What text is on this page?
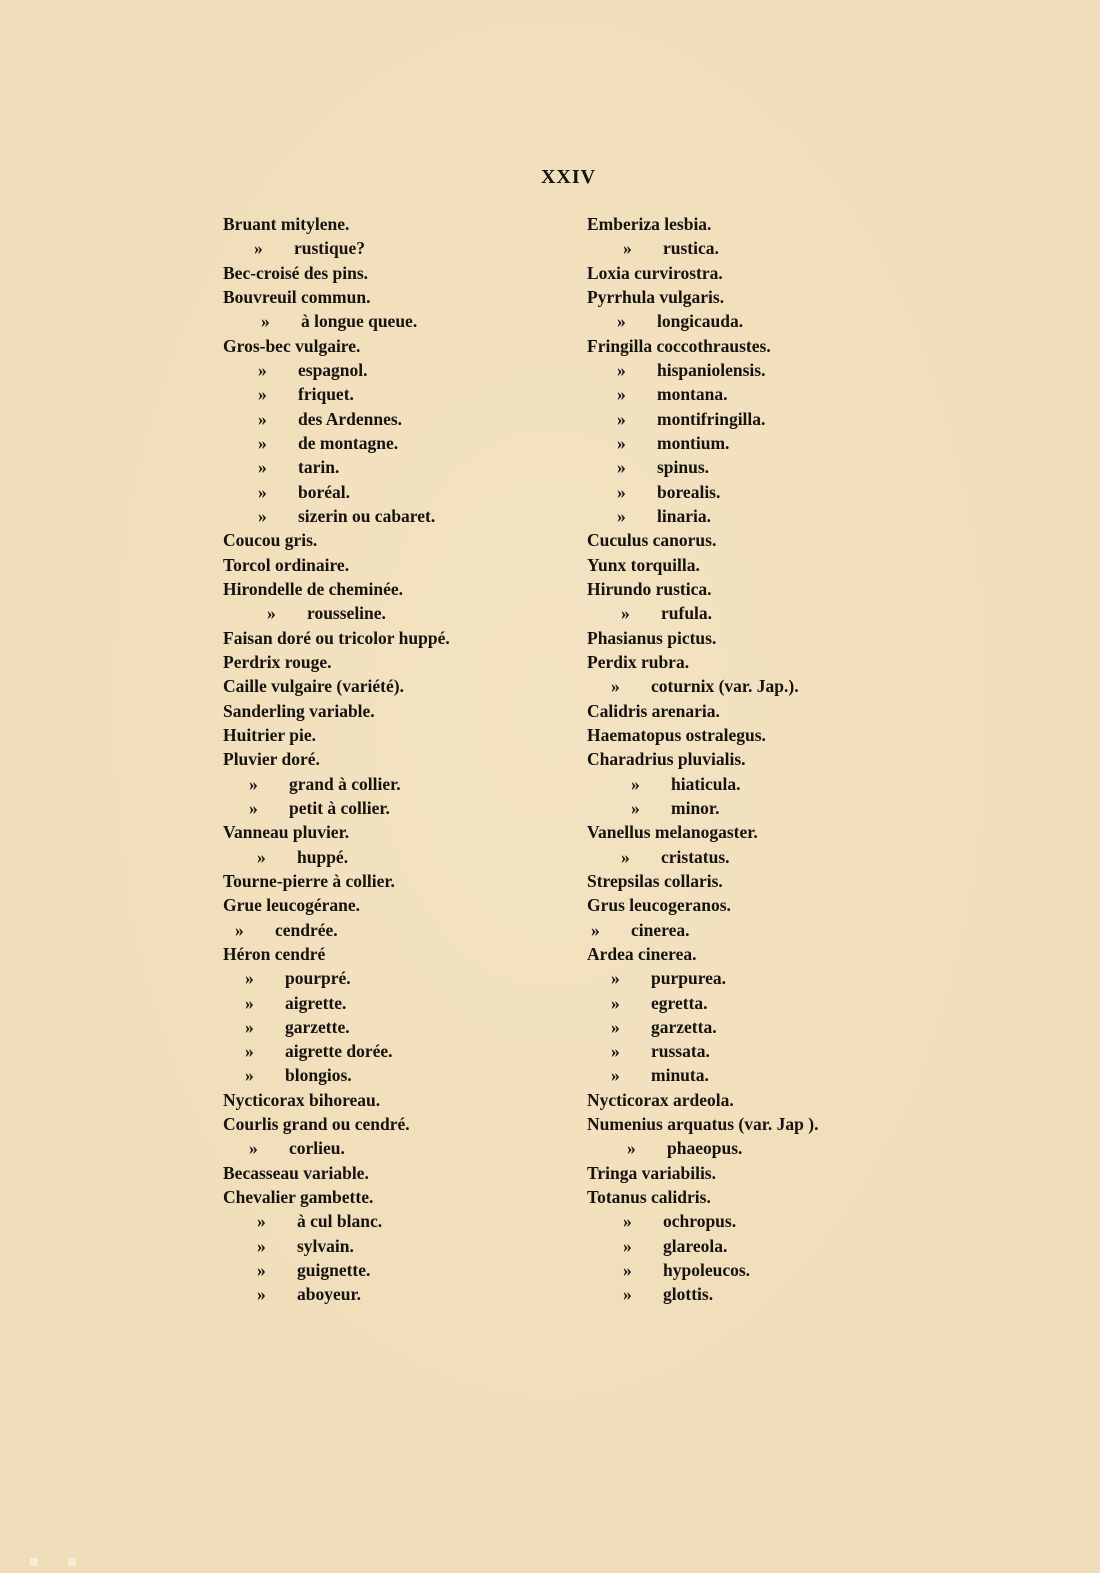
XXIV
Bruant mitylene.
» rustique?
Bec-croisé des pins.
Bouvreuil commun.
» à longue queue.
Gros-bec vulgaire.
» espagnol.
» friquet.
» des Ardennes.
» de montagne.
» tarin.
» boréal.
» sizerin ou cabaret.
Coucou gris.
Torcol ordinaire.
Hirondelle de cheminée.
» rousseline.
Faisan doré ou tricolor huppé.
Perdrix rouge.
Caille vulgaire (variété).
Sanderling variable.
Huitrier pie.
Pluvier doré.
» grand à collier.
» petit à collier.
Vanneau pluvier.
» huppé.
Tourne-pierre à collier.
Grue leucogérane.
» cendrée.
Héron cendré
» pourpré.
» aigrette.
» garzette.
» aigrette dorée.
» blongios.
Nycticorax bihoreau.
Courlis grand ou cendré.
» corlieu.
Becasseau variable.
Chevalier gambette.
» à cul blanc.
» sylvain.
» guignette.
» aboyeur.
Emberiza lesbia.
» rustica.
Loxia curvirostra.
Pyrrhula vulgaris.
» longicauda.
Fringilla coccothraustes.
» hispaniolensis.
» montana.
» montifringilla.
» montium.
» spinus.
» borealis.
» linaria.
Cuculus canorus.
Yunx torquilla.
Hirundo rustica.
» rufula.
Phasianus pictus.
Perdix rubra.
» coturnix (var. Jap.).
Calidris arenaria.
Haematopus ostralegus.
Charadrius pluvialis.
» hiaticula.
» minor.
Vanellus melanogaster.
» cristatus.
Strepsilas collaris.
Grus leucogeranos.
» cinerea.
Ardea cinerea.
» purpurea.
» egretta.
» garzetta.
» russata.
» minuta.
Nycticorax ardeola.
Numenius arquatus (var. Jap ).
» phaeopus.
Tringa variabilis.
Totanus calidris.
» ochropus.
» glareola.
» hypoleucos.
» glottis.
